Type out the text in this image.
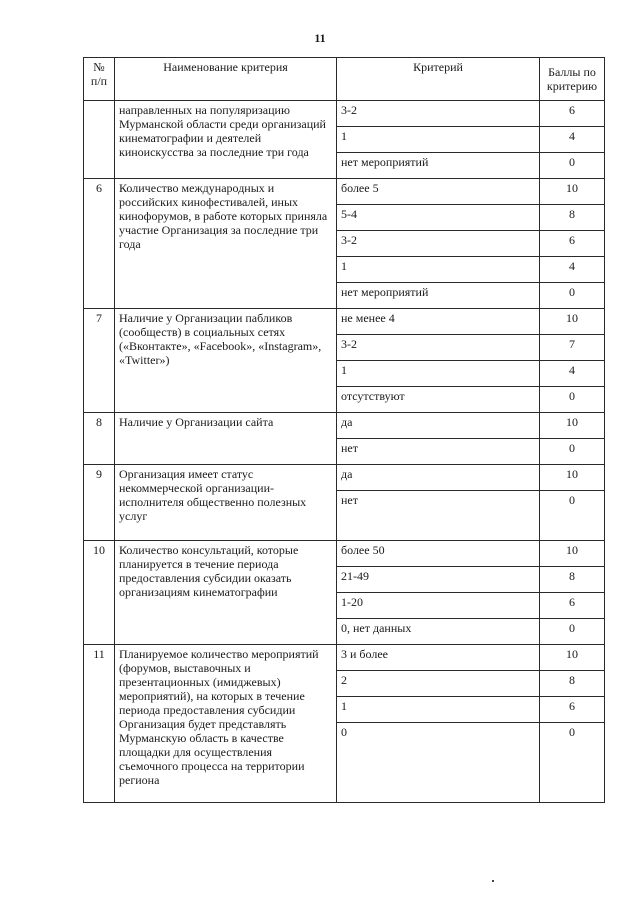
11
№ п/п	Наименование критерия	Критерий	Баллы по критерию
	направленных на популяризацию Мурманской области среди организаций кинематографии и деятелей киноискусства за последние три года	3-2	6
		1	4
		нет мероприятий	0
6	Количество международных и российских кинофестивалей, иных кинофорумов, в работе которых приняла участие Организация за последние три года	более 5	10
		5-4	8
		3-2	6
		1	4
		нет мероприятий	0
7	Наличие у Организации пабликов (сообществ) в социальных сетях («Вконтакте», «Facebook», «Instagram», «Twitter»)	не менее 4	10
		3-2	7
		1	4
		отсутствуют	0
8	Наличие у Организации сайта	да	10
		нет	0
9	Организация имеет статус некоммерческой организации-исполнителя общественно полезных услуг	да	10
		нет	0
10	Количество консультаций, которые планируется в течение периода предоставления субсидии оказать организациям кинематографии	более 50	10
		21-49	8
		1-20	6
		0, нет данных	0
11	Планируемое количество мероприятий (форумов, выставочных и презентационных (имиджевых) мероприятий), на которых в течение периода предоставления субсидии Организация будет представлять Мурманскую область в качестве площадки для осуществления съемочного процесса на территории региона	3 и более	10
		2	8
		1	6
		0	0
